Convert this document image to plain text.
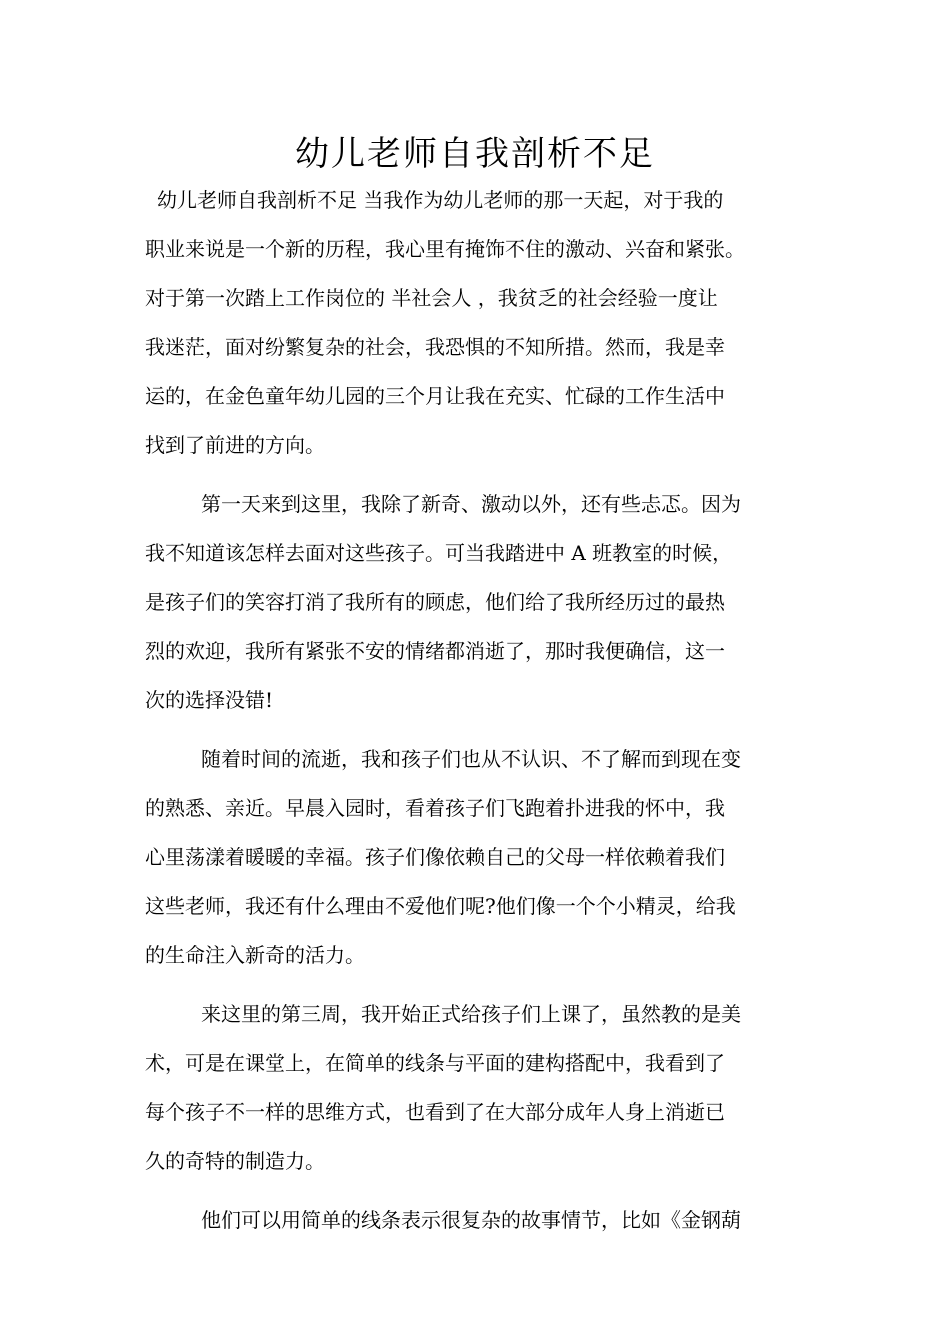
幼儿老师自我剖析不足
幼儿老师自我剖析不足 当我作为幼儿老师的那一天起，对于我的
职业来说是一个新的历程，我心里有掩饰不住的激动、兴奋和紧张。
对于第一次踏上工作岗位的 半社会人 ，我贫乏的社会经验一度让
我迷茫，面对纷繁复杂的社会，我恐惧的不知所措。然而，我是幸
运的，在金色童年幼儿园的三个月让我在充实、忙碌的工作生活中
找到了前进的方向。
第一天来到这里，我除了新奇、激动以外，还有些忐忑。因为
我不知道该怎样去面对这些孩子。可当我踏进中 A 班教室的时候，
是孩子们的笑容打消了我所有的顾虑，他们给了我所经历过的最热
烈的欢迎，我所有紧张不安的情绪都消逝了，那时我便确信，这一
次的选择没错!
随着时间的流逝，我和孩子们也从不认识、不了解而到现在变
的熟悉、亲近。早晨入园时，看着孩子们飞跑着扑进我的怀中，我
心里荡漾着暖暖的幸福。孩子们像依赖自己的父母一样依赖着我们
这些老师，我还有什么理由不爱他们呢?他们像一个个小精灵，给我
的生命注入新奇的活力。
来这里的第三周，我开始正式给孩子们上课了，虽然教的是美
术，可是在课堂上，在简单的线条与平面的建构搭配中，我看到了
每个孩子不一样的思维方式，也看到了在大部分成年人身上消逝已
久的奇特的制造力。
他们可以用简单的线条表示很复杂的故事情节，比如《金钢葫
